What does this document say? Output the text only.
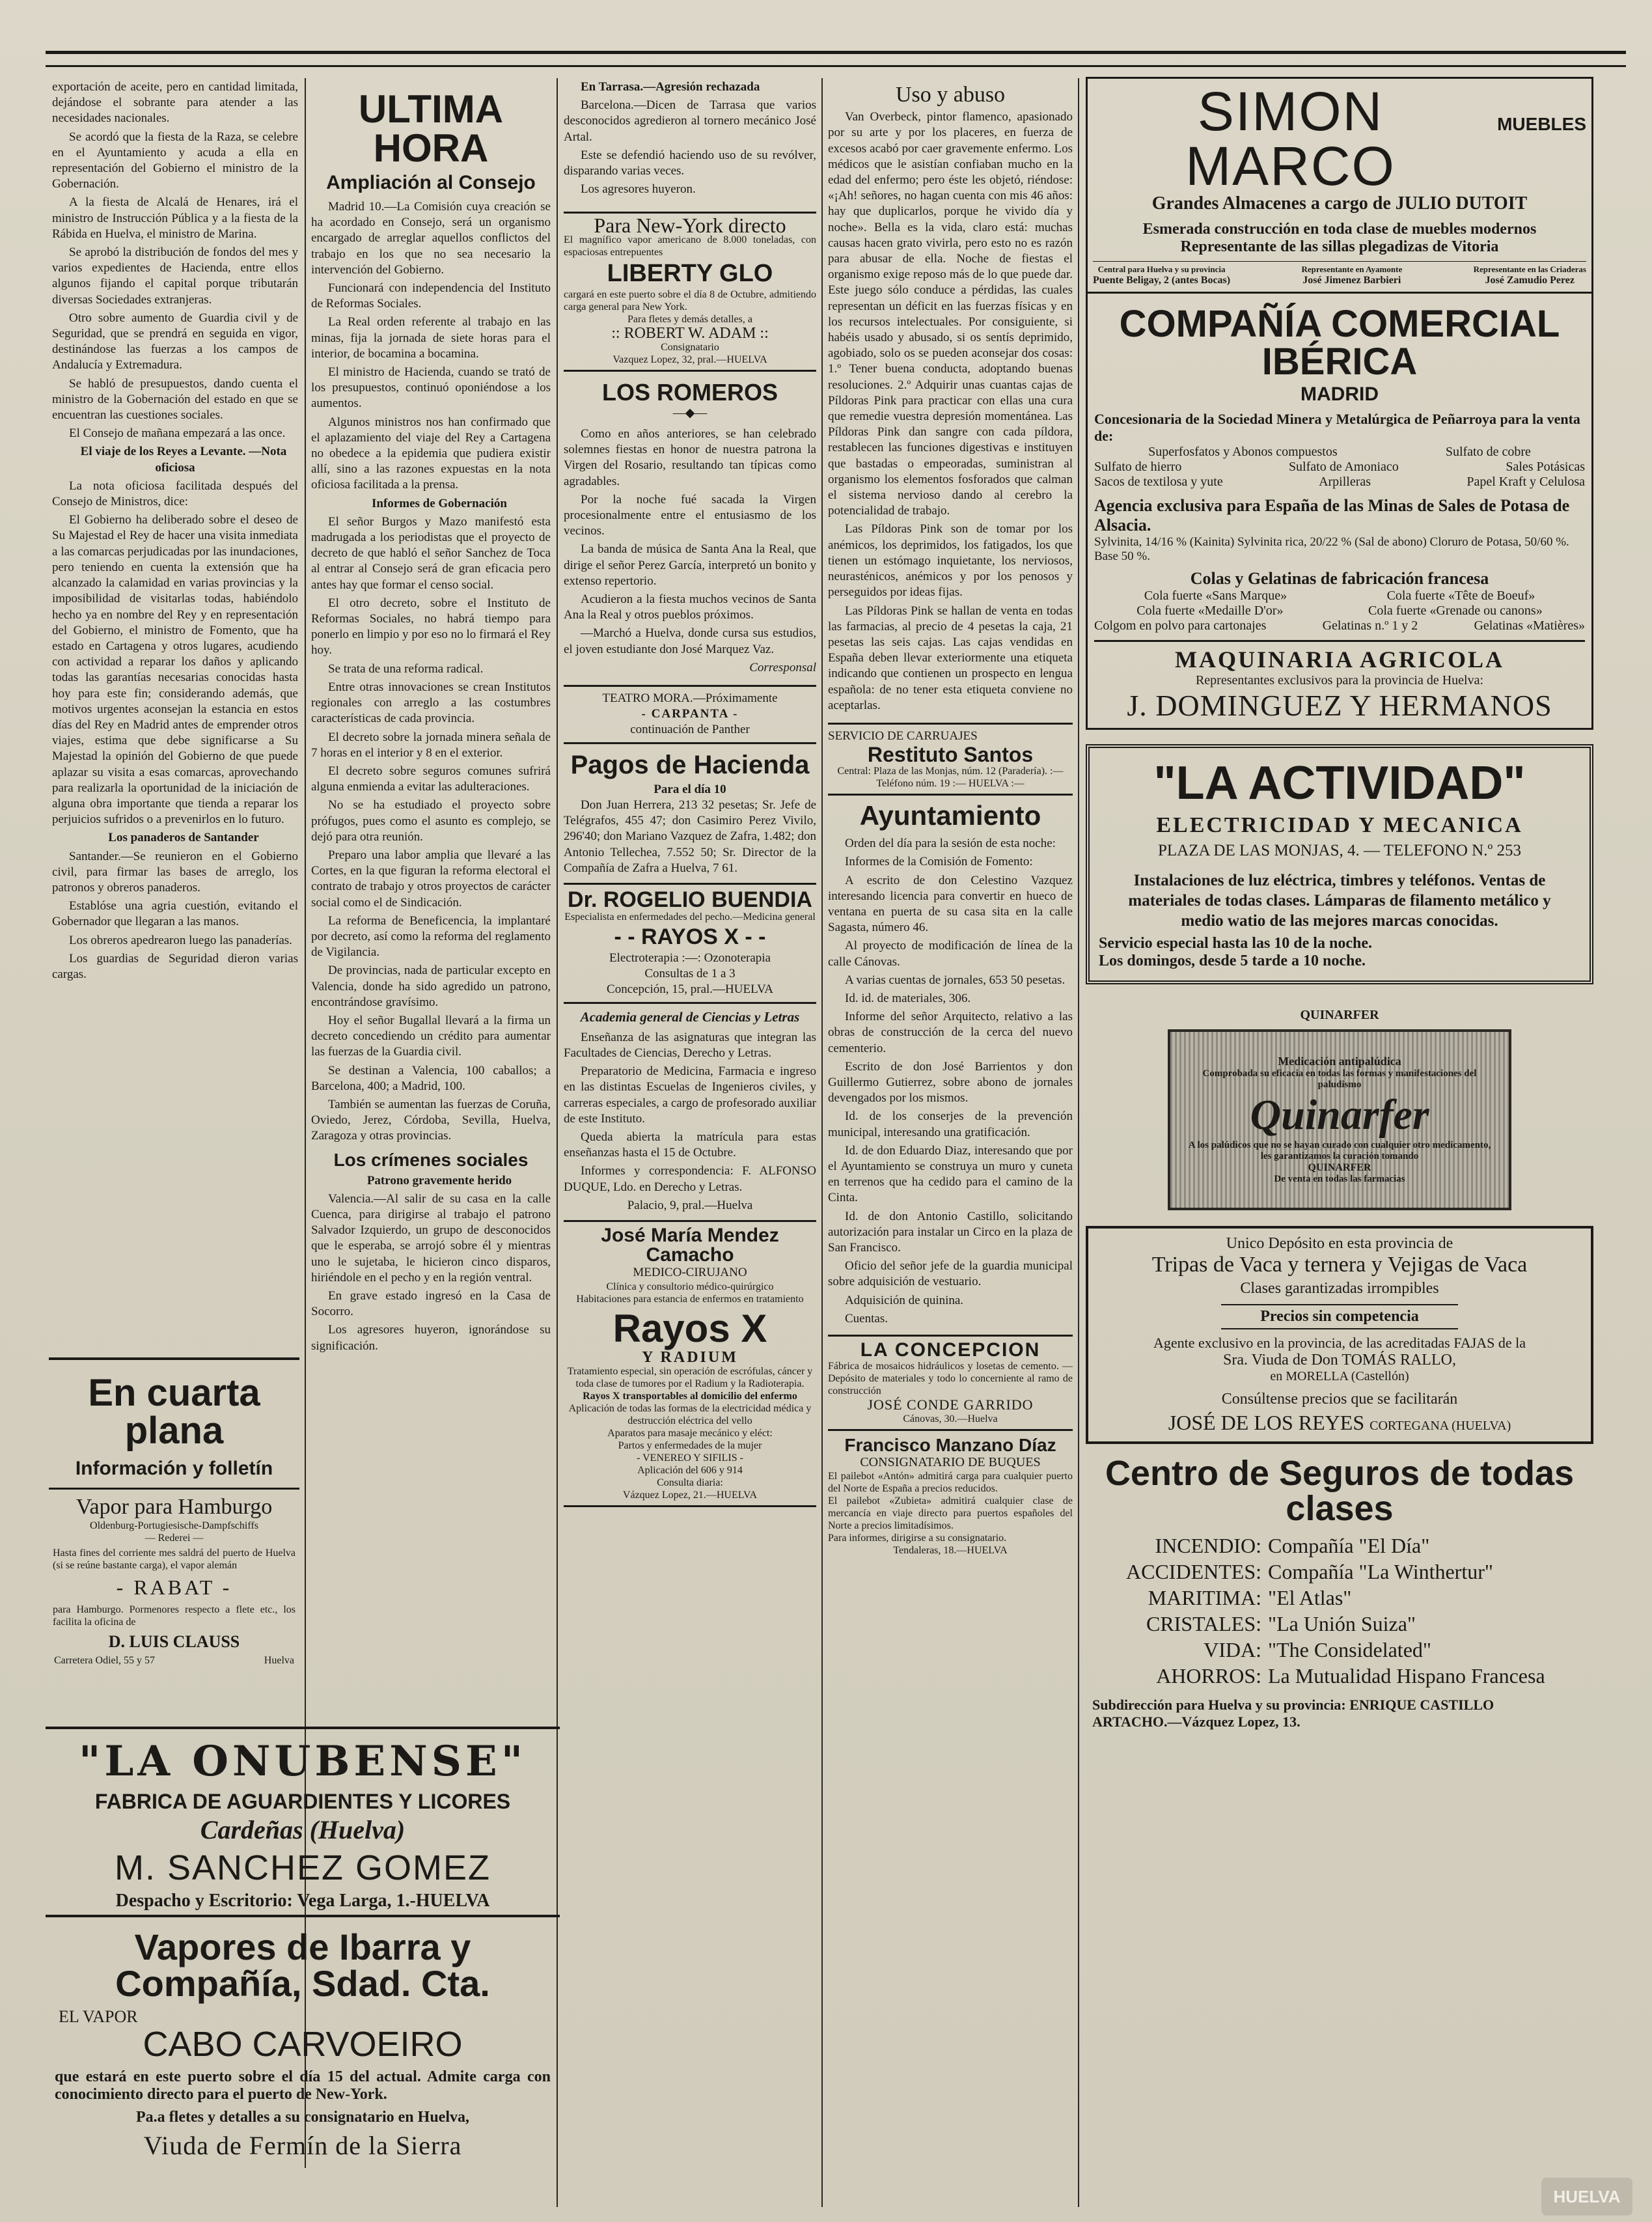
exportación de aceite, pero en cantidad limitada, dejándose el sobrante para atender a las necesidades nacionales.

Se acordó que la fiesta de la Raza, se celebre en el Ayuntamiento y acuda a ella en representación del Gobierno el ministro de la Gobernación.

A la fiesta de Alcalá de Henares, irá el ministro de Instrucción Pública y a la fiesta de la Rábida en Huelva, el ministro de Marina.

Se aprobó la distribución de fondos del mes y varios expedientes de Hacienda, entre ellos algunos fijando el capital porque tributarán diversas Sociedades extranjeras.

Otro sobre aumento de Guardia civil y de Seguridad, que se prendrá en seguida en vigor, destinándose las fuerzas a los campos de Andalucía y Extremadura.

Se habló de presupuestos, dando cuenta el ministro de la Gobernación del estado en que se encuentran las cuestiones sociales.

El Consejo de mañana empezará a las once.

El viaje de los Reyes a Levante. —Nota oficiosa

La nota oficiosa facilitada después del Consejo de Ministros, dice:

El Gobierno ha deliberado sobre el deseo de Su Majestad el Rey de hacer una visita inmediata a las comarcas perjudicadas por las inundaciones, pero teniendo en cuenta la extensión que ha alcanzado la calamidad en varias provincias y la imposibilidad de visitarlas todas, habiéndolo hecho ya en nombre del Rey y en representación del Gobierno, el ministro de Fomento, que ha estado en Cartagena y otros lugares, acudiendo con actividad a reparar los daños y aplicando todas las garantías necesarias conocidas hasta hoy para este fin; considerando además, que motivos urgentes aconsejan la estancia en estos días del Rey en Madrid antes de emprender otros viajes, estima que debe significarse a Su Majestad la opinión del Gobierno de que puede aplazar su visita a esas comarcas, aprovechando para realizarla la oportunidad de la iniciación de alguna obra importante que tienda a reparar los perjuicios sufridos o a prevenirlos en lo futuro.

Los panaderos de Santander

Santander.—Se reunieron en el Gobierno civil, para firmar las bases de arreglo, los patronos y obreros panaderos.

Establóse una agria cuestión, evitando el Gobernador que llegaran a las manos.

Los obreros apedrearon luego las panaderías.

Los guardias de Seguridad dieron varias cargas.

En cuarta plana
Información y folletín
Vapor para Hamburgo
Oldenburg-Portugiesische-Dampfschiffs
— Rederei —
Hasta fines del corriente mes saldrá del puerto de Huelva (si se reúne bastante carga), el vapor alemán
- RABAT -
para Hamburgo. Pormenores respecto a flete etc., los facilita la oficina de
D. LUIS CLAUSS
Carretera Odiel, 55 y 57	Huelva
"LA ONUBENSE"
FABRICA DE AGUARDIENTES Y LICORES
Cardeñas (Huelva)
M. SANCHEZ GOMEZ
Despacho y Escritorio: Vega Larga, 1.-HUELVA
Vapores de Ibarra y Compañía, Sdad. Cta.
EL VAPOR
CABO CARVOEIRO
que estará en este puerto sobre el día 15 del actual. Admite carga con conocimiento directo para el puerto de New-York.
Pa.a fletes y detalles a su consignatario en Huelva,
Viuda de Fermín de la Sierra
ULTIMA HORA
Ampliación al Consejo

Madrid 10.—La Comisión cuya creación se ha acordado en Consejo, será un organismo encargado de arreglar aquellos conflictos del trabajo en los que no sea necesario la intervención del Gobierno.

Funcionará con independencia del Instituto de Reformas Sociales.

La Real orden referente al trabajo en las minas, fija la jornada de siete horas para el interior, de bocamina a bocamina.

El ministro de Hacienda, cuando se trató de los presupuestos, continuó oponiéndose a los aumentos.

Algunos ministros nos han confirmado que el aplazamiento del viaje del Rey a Cartagena no obedece a la epidemia que pudiera existir allí, sino a las razones expuestas en la nota oficiosa facilitada a la prensa.

Informes de Gobernación

El señor Burgos y Mazo manifestó esta madrugada a los periodistas que el proyecto de decreto de que habló el señor Sanchez de Toca al entrar al Consejo será de gran eficacia pero antes hay que formar el censo social.

El otro decreto, sobre el Instituto de Reformas Sociales, no habrá tiempo para ponerlo en limpio y por eso no lo firmará el Rey hoy.

Se trata de una reforma radical.

Entre otras innovaciones se crean Institutos regionales con arreglo a las costumbres características de cada provincia.

El decreto sobre la jornada minera señala de 7 horas en el interior y 8 en el exterior.

El decreto sobre seguros comunes sufrirá alguna enmienda a evitar las adulteraciones.

No se ha estudiado el proyecto sobre prófugos, pues como el asunto es complejo, se dejó para otra reunión.

Preparo una labor amplia que llevaré a las Cortes, en la que figuran la reforma electoral el contrato de trabajo y otros proyectos de carácter social como el de Sindicación.

La reforma de Beneficencia, la implantaré por decreto, así como la reforma del reglamento de Vigilancia.

De provincias, nada de particular excepto en Valencia, donde ha sido agredido un patrono, encontrándose gravísimo.

Hoy el señor Bugallal llevará a la firma un decreto concediendo un crédito para aumentar las fuerzas de la Guardia civil.

Se destinan a Valencia, 100 caballos; a Barcelona, 400; a Madrid, 100.

También se aumentan las fuerzas de Coruña, Oviedo, Jerez, Córdoba, Sevilla, Huelva, Zaragoza y otras provincias.

Los crímenes sociales

Patrono gravemente herido

Valencia.—Al salir de su casa en la calle Cuenca, para dirigirse al trabajo el patrono Salvador Izquierdo, un grupo de desconocidos que le esperaba, se arrojó sobre él y mientras uno le sujetaba, le hicieron cinco disparos, hiriéndole en el pecho y en la región ventral.

En grave estado ingresó en la Casa de Socorro.

Los agresores huyeron, ignorándose su significación.

En Tarrasa.—Agresión rechazada

Barcelona.—Dicen de Tarrasa que varios desconocidos agredieron al tornero mecánico José Artal.

Este se defendió haciendo uso de su revólver, disparando varias veces.

Los agresores huyeron.

Para New-York directo
El magnífico vapor americano de 8.000 toneladas, con espaciosas entrepuentes
LIBERTY GLO
cargará en este puerto sobre el día 8 de Octubre, admitiendo carga general para New York.
Para fletes y demás detalles, a
:: ROBERT W. ADAM ::
Consignatario
Vazquez Lopez, 32, pral.—HUELVA
LOS ROMEROS
—◆—

Como en años anteriores, se han celebrado solemnes fiestas en honor de nuestra patrona la Virgen del Rosario, resultando tan típicas como agradables.

Por la noche fué sacada la Virgen procesionalmente entre el entusiasmo de los vecinos.

La banda de música de Santa Ana la Real, que dirige el señor Perez García, interpretó un bonito y extenso repertorio.

Acudieron a la fiesta muchos vecinos de Santa Ana la Real y otros pueblos próximos.

—Marchó a Huelva, donde cursa sus estudios, el joven estudiante don José Marquez Vaz.

Corresponsal
TEATRO MORA.—Próximamente
- CARPANTA -
continuación de Panther
Pagos de Hacienda
Para el día 10

Don Juan Herrera, 213 32 pesetas; Sr. Jefe de Telégrafos, 455 47; don Casimiro Perez Vivilo, 296'40; don Mariano Vazquez de Zafra, 1.482; don Antonio Tellechea, 7.552 50; Sr. Director de la Compañía de Zafra a Huelva, 7 61.

Dr. ROGELIO BUENDIA
Especialista en enfermedades del pecho.—Medicina general
- - RAYOS X - -
Electroterapia :—: Ozonoterapia
Consultas de 1 a 3
Concepción, 15, pral.—HUELVA
Academia general de Ciencias y Letras

Enseñanza de las asignaturas que integran las Facultades de Ciencias, Derecho y Letras.

Preparatorio de Medicina, Farmacia e ingreso en las distintas Escuelas de Ingenieros civiles, y carreras especiales, a cargo de profesorado auxiliar de este Instituto.

Queda abierta la matrícula para estas enseñanzas hasta el 15 de Octubre.

Informes y correspondencia: F. ALFONSO DUQUE, Ldo. en Derecho y Letras.

Palacio, 9, pral.—Huelva
José María Mendez Camacho
MEDICO-CIRUJANO
Clínica y consultorio médico-quirúrgico
Habitaciones para estancia de enfermos en tratamiento
Rayos X
Y RADIUM
Tratamiento especial, sin operación de escrófulas, cáncer y toda clase de tumores por el Radium y la Radioterapia.
Rayos X transportables al domicilio del enfermo
Aplicación de todas las formas de la electricidad médica y destrucción eléctrica del vello
Aparatos para masaje mecánico y eléct:
Partos y enfermedades de la mujer
- VENEREO Y SIFILIS -
Aplicación del 606 y 914
Consulta diaria:
Vázquez Lopez, 21.—HUELVA
Uso y abuso

Van Overbeck, pintor flamenco, apasionado por su arte y por los placeres, en fuerza de excesos acabó por caer gravemente enfermo. Los médicos que le asistían confiaban mucho en la edad del enfermo; pero éste les objetó, riéndose: «¡Ah! señores, no hagan cuenta con mis 46 años: hay que duplicarlos, porque he vivido día y noche». Bella es la vida, claro está: muchas causas hacen grato vivirla, pero esto no es razón para abusar de ella. Noche de fiestas el organismo exige reposo más de lo que puede dar. Este juego sólo conduce a pérdidas, las cuales representan un déficit en las fuerzas físicas y en los recursos intelectuales. Por consiguiente, si habéis usado y abusado, si os sentís deprimido, agobiado, solo os se pueden aconsejar dos cosas: 1.º Tener buena conducta, adoptando buenas resoluciones. 2.º Adquirir unas cuantas cajas de Píldoras Pink para practicar con ellas una cura que remedie vuestra depresión momentánea. Las Píldoras Pink dan sangre con cada píldora, restablecen las funciones digestivas e instituyen que bastadas o empeoradas, suministran al organismo los elementos fosforados que calman el sistema nervioso dando al cerebro la potencialidad de trabajo.

Las Píldoras Pink son de tomar por los anémicos, los deprimidos, los fatigados, los que tienen un estómago inquietante, los nerviosos, neurasténicos, anémicos y por los penosos y perseguidos por ideas fijas.

Las Píldoras Pink se hallan de venta en todas las farmacias, al precio de 4 pesetas la caja, 21 pesetas las seis cajas. Las cajas vendidas en España deben llevar exteriormente una etiqueta indicando que contienen un prospecto en lengua española: de no tener esta etiqueta conviene no aceptarlas.

SERVICIO DE CARRUAJES
Restituto Santos
Central: Plaza de las Monjas, núm. 12 (Paradería). :— Teléfono núm. 19 :— HUELVA :—
Ayuntamiento

Orden del día para la sesión de esta noche:

Informes de la Comisión de Fomento:

A escrito de don Celestino Vazquez interesando licencia para convertir en hueco de ventana en puerta de su casa sita en la calle Sagasta, número 46.

Al proyecto de modificación de línea de la calle Cánovas.

A varias cuentas de jornales, 653 50 pesetas.

Id. id. de materiales, 306.

Informe del señor Arquitecto, relativo a las obras de construcción de la cerca del nuevo cementerio.

Escrito de don José Barrientos y don Guillermo Gutierrez, sobre abono de jornales devengados por los mismos.

Id. de los conserjes de la prevención municipal, interesando una gratificación.

Id. de don Eduardo Diaz, interesando que por el Ayuntamiento se construya un muro y cuneta en terrenos que ha cedido para el camino de la Cinta.

Id. de don Antonio Castillo, solicitando autorización para instalar un Circo en la plaza de San Francisco.

Oficio del señor jefe de la guardia municipal sobre adquisición de vestuario.

Adquisición de quinina.

Cuentas.

LA CONCEPCION
Fábrica de mosaicos hidráulicos y losetas de cemento. — Depósito de materiales y todo lo concerniente al ramo de construcción
JOSÉ CONDE GARRIDO
Cánovas, 30.—Huelva
Francisco Manzano Díaz
CONSIGNATARIO DE BUQUES
El pailebot «Antón» admitirá carga para cualquier puerto del Norte de España a precios reducidos.
El pailebot «Zubieta» admitirá cualquier clase de mercancía en viaje directo para puertos españoles del Norte a precios limitadísimos.
Para informes, dirigirse a su consignatario.
Tendaleras, 18.—HUELVA
SIMON MARCO
MUEBLES
Grandes Almacenes a cargo de JULIO DUTOIT
Esmerada construcción en toda clase de muebles modernos
Representante de las sillas plegadizas de Vitoria
Central para Huelva y su provincia
Puente Beligay, 2 (antes Bocas)
Representante en Ayamonte
José Jimenez Barbieri
Representante en las Criaderas
José Zamudio Perez
COMPAÑÍA COMERCIAL IBÉRICA
MADRID
Concesionaria de la Sociedad Minera y Metalúrgica de Peñarroya para la venta de:
Superfosfatos y Abonos compuestos	Sulfato de cobre
Sulfato de hierro	Sulfato de Amoniaco	Sales Potásicas
Sacos de textilosa y yute	Arpilleras	Papel Kraft y Celulosa
Agencia exclusiva para España de las Minas de Sales de Potasa de Alsacia.
Sylvinita, 14/16 % (Kainita) Sylvinita rica, 20/22 % (Sal de abono) Cloruro de Potasa, 50/60 %. Base 50 %.
Colas y Gelatinas de fabricación francesa
Cola fuerte «Sans Marque»	Cola fuerte «Tête de Boeuf»
Cola fuerte «Medaille D'or»	Cola fuerte «Grenade ou canons»
Colgom en polvo para cartonajes	Gelatinas n.º 1 y 2	Gelatinas «Matières»
MAQUINARIA AGRICOLA
Representantes exclusivos para la provincia de Huelva:
J. DOMINGUEZ Y HERMANOS
"LA ACTIVIDAD"
ELECTRICIDAD Y MECANICA
PLAZA DE LAS MONJAS, 4. — TELEFONO N.º 253
Instalaciones de luz eléctrica, timbres y teléfonos. Ventas de materiales de todas clases. Lámparas de filamento metálico y medio watio de las mejores marcas conocidas.
Servicio especial hasta las 10 de la noche.
Los domingos, desde 5 tarde a 10 noche.
QUINARFER
Medicación antipalúdica
Comprobada su eficacia en todas las formas y manifestaciones del paludismo
Quinarfer
A los palúdicos que no se hayan curado con cualquier otro medicamento, les garantizamos la curación tomando
QUINARFER
De venta en todas las farmacias
Unico Depósito en esta provincia de
Tripas de Vaca y ternera y Vejigas de Vaca
Clases garantizadas irrompibles
Precios sin competencia
Agente exclusivo en la provincia, de las acreditadas FAJAS de la
Sra. Viuda de Don TOMÁS RALLO,
en MORELLA (Castellón)
Consúltense precios que se facilitarán
JOSÉ DE LOS REYES CORTEGANA (HUELVA)
Centro de Seguros de todas clases
INCENDIO: Compañía "El Día"
ACCIDENTES: Compañía "La Winthertur"
MARITIMA: "El Atlas"
CRISTALES: "La Unión Suiza"
VIDA: "The Considelated"
AHORROS: La Mutualidad Hispano Francesa
Subdirección para Huelva y su provincia: ENRIQUE CASTILLO
ARTACHO.—Vázquez Lopez, 13.
HUELVA
